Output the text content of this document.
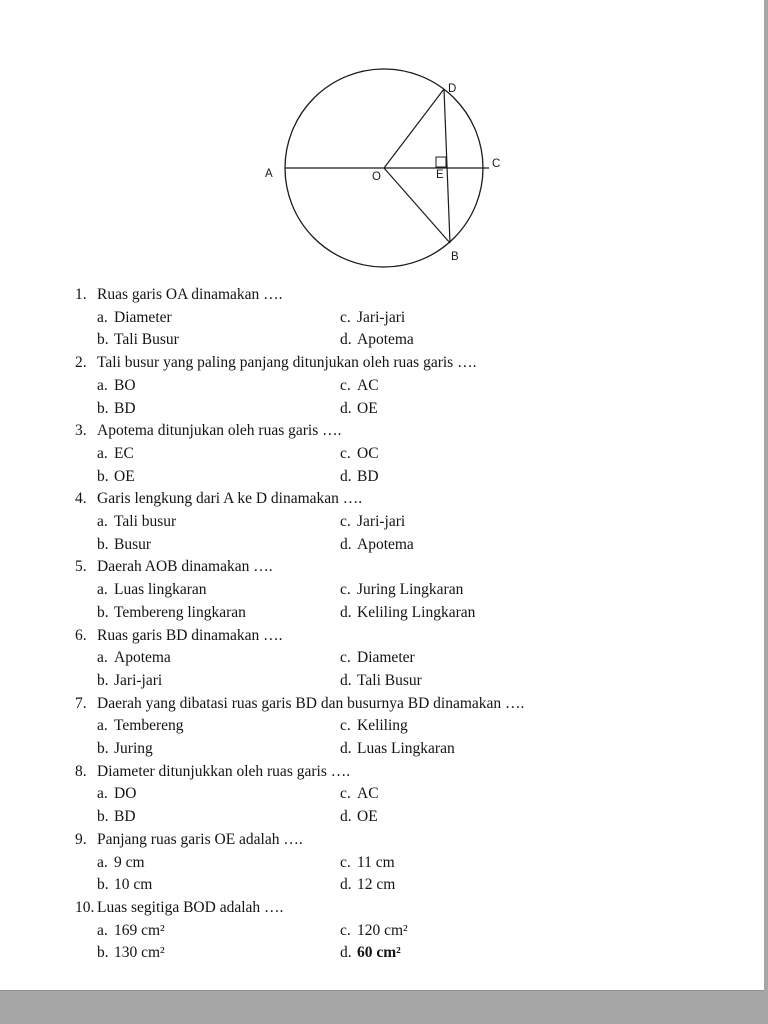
A	O	E
C
D
B
1. Ruas garis OA dinamakan ….
a. Diameter	c. Jari-jari
b. Tali Busur	d. Apotema
2. Tali busur yang paling panjang ditunjukan oleh ruas garis ….
a. BO	c. AC
b. BD	d. OE
3. Apotema ditunjukan oleh ruas garis ….
a. EC	c. OC
b. OE	d. BD
4. Garis lengkung dari A ke D dinamakan ….
a. Tali busur	c. Jari-jari
b. Busur	d. Apotema
5. Daerah AOB dinamakan ….
a. Luas lingkaran	c. Juring Lingkaran
b. Tembereng lingkaran	d. Keliling Lingkaran
6. Ruas garis BD dinamakan ….
a. Apotema	c. Diameter
b. Jari-jari	d. Tali Busur
7. Daerah yang dibatasi ruas garis BD dan busurnya BD dinamakan ….
a. Tembereng	c. Keliling
b. Juring	d. Luas Lingkaran
8. Diameter ditunjukkan oleh ruas garis ….
a. DO	c. AC
b. BD	d. OE
9. Panjang ruas garis OE adalah ….
a. 9 cm	c. 11 cm
b. 10 cm	d. 12 cm
10. Luas segitiga BOD adalah ….
a. 169 cm²	c. 120 cm²
b. 130 cm²	d. 60 cm²
